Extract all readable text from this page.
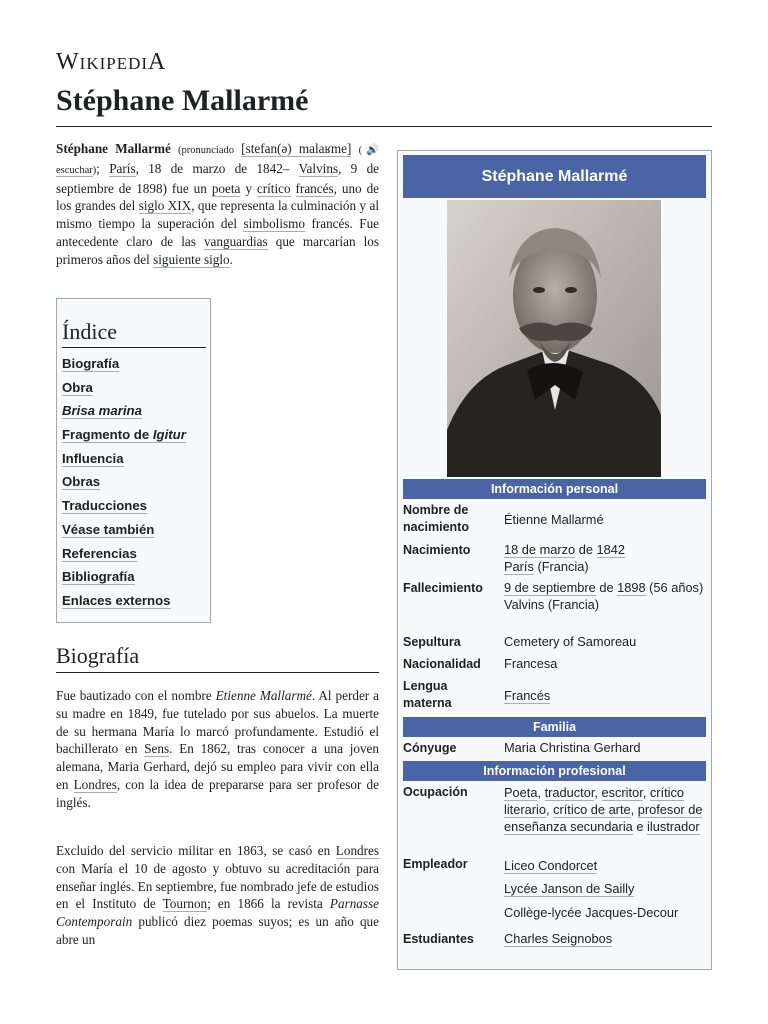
WIKIPEDIA
Stéphane Mallarmé

Stéphane Mallarmé (pronunciado [stefan(ə) malaʁme] (🔊 escuchar); París, 18 de marzo de 1842– Valvins, 9 de septiembre de 1898) fue un poeta y crítico francés, uno de los grandes del siglo XIX, que representa la culminación y al mismo tiempo la superación del simbolismo francés. Fue antecedente claro de las vanguardias que marcarían los primeros años del siguiente siglo.

Índice
Biografía
Obra
Brisa marina
Fragmento de Igitur
Influencia
Obras
Traducciones
Véase también
Referencias
Bibliografía
Enlaces externos
Biografía

Fue bautizado con el nombre Etienne Mallarmé. Al perder a su madre en 1849, fue tutelado por sus abuelos. La muerte de su hermana María lo marcó profundamente. Estudió el bachillerato en Sens. En 1862, tras conocer a una joven alemana, Maria Gerhard, dejó su empleo para vivir con ella en Londres, con la idea de prepararse para ser profesor de inglés.

Excluido del servicio militar en 1863, se casó en Londres con María el 10 de agosto y obtuvo su acreditación para enseñar inglés. En septiembre, fue nombrado jefe de estudios en el Instituto de Tournon; en 1866 la revista Parnasse Contemporain publicó diez poemas suyos; es un año que abre un

Stéphane Mallarmé
Información personal
Nombre de nacimiento	Étienne Mallarmé
Nacimiento	18 de marzo de 1842
París (Francia)
Fallecimiento	9 de septiembre de 1898 (56 años)
Valvins (Francia)
Sepultura	Cemetery of Samoreau
Nacionalidad	Francesa
Lengua materna	Francés
Familia
Cónyuge	Maria Christina Gerhard
Información profesional
Ocupación	Poeta, traductor, escritor, crítico literario, crítico de arte, profesor de enseñanza secundaria e ilustrador
Empleador	Liceo Condorcet
Lycée Janson de Sailly
Collège-lycée Jacques-Decour
Estudiantes	Charles Seignobos
